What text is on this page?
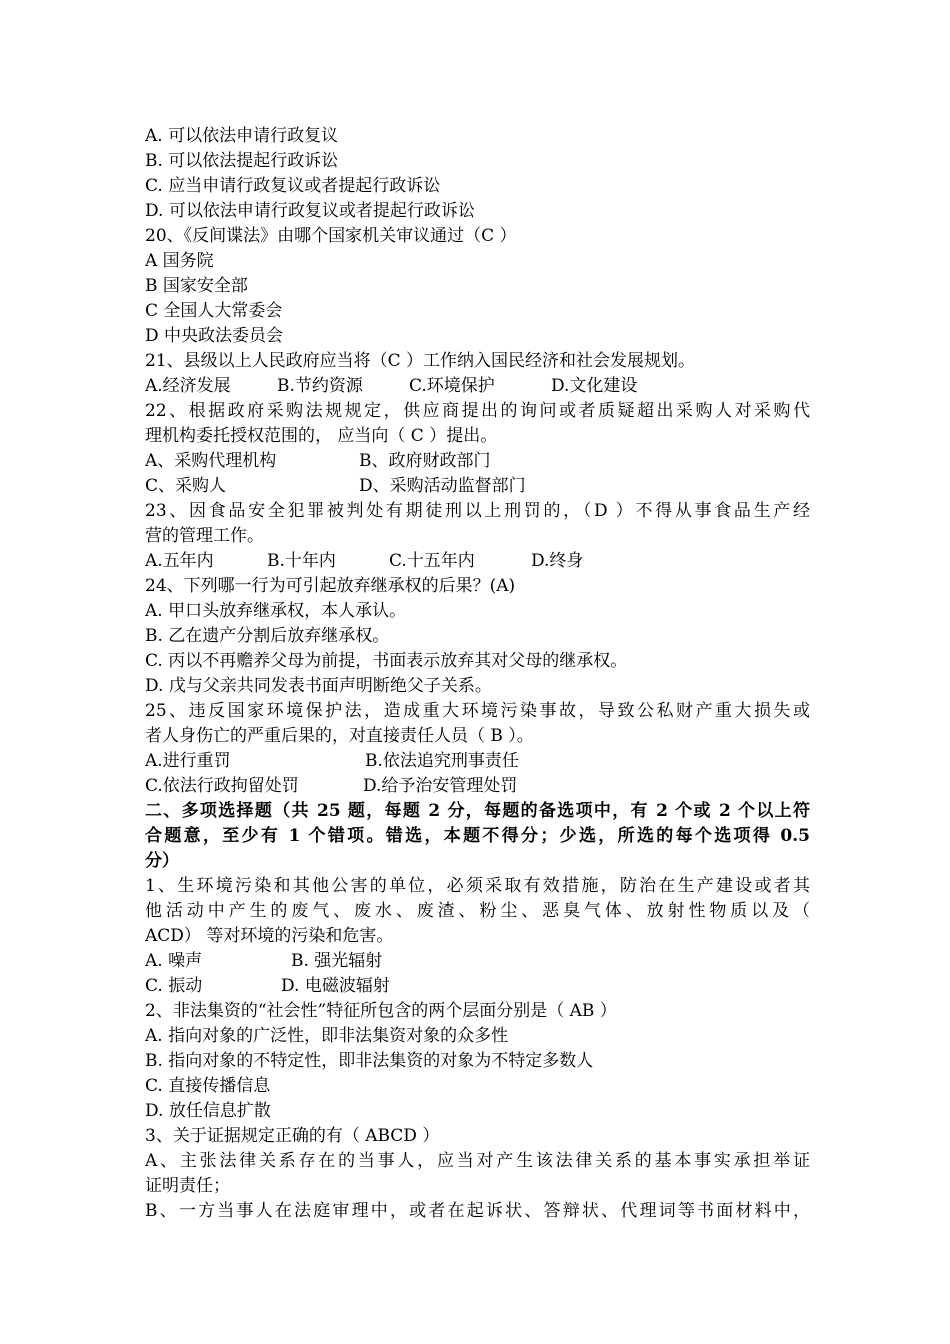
A. 可以依法申请行政复议
B. 可以依法提起行政诉讼
C. 应当申请行政复议或者提起行政诉讼
D. 可以依法申请行政复议或者提起行政诉讼
20、《反间谍法》由哪个国家机关审议通过（C ）
A 国务院
B 国家安全部
C 全国人大常委会
D 中央政法委员会
21、县级以上人民政府应当将（C ）工作纳入国民经济和社会发展规划。
A.经济发展	B.节约资源	C.环境保护	D.文化建设
22、根据政府采购法规规定，供应商提出的询问或者质疑超出采购人对采购代
理机构委托授权范围的， 应当向（ C ）提出。
A、采购代理机构	B、政府财政部门
C、采购人	D、采购活动监督部门
23、因食品安全犯罪被判处有期徒刑以上刑罚的，（D ）不得从事食品生产经
营的管理工作。
A.五年内	B.十年内	C.十五年内	D.终身
24、下列哪一行为可引起放弃继承权的后果？(A)
A. 甲口头放弃继承权，本人承认。
B. 乙在遗产分割后放弃继承权。
C. 丙以不再赡养父母为前提，书面表示放弃其对父母的继承权。
D. 戊与父亲共同发表书面声明断绝父子关系。
25、违反国家环境保护法，造成重大环境污染事故，导致公私财产重大损失或
者人身伤亡的严重后果的，对直接责任人员（ B ）。
A.进行重罚	B.依法追究刑事责任
C.依法行政拘留处罚	D.给予治安管理处罚
二、多项选择题（共 25 题，每题 2 分，每题的备选项中，有 2 个或 2 个以上符
合题意，至少有 1 个错项。错选，本题不得分；少选，所选的每个选项得 0.5
分）
1、生环境污染和其他公害的单位，必须采取有效措施，防治在生产建设或者其
他活动中产生的废气、废水、废渣、粉尘、恶臭气体、放射性物质以及（
ACD） 等对环境的污染和危害。
A. 噪声	B. 强光辐射
C. 振动	D. 电磁波辐射
2、非法集资的“社会性”特征所包含的两个层面分别是（ AB ）
A. 指向对象的广泛性，即非法集资对象的众多性
B. 指向对象的不特定性，即非法集资的对象为不特定多数人
C. 直接传播信息
D. 放任信息扩散
3、关于证据规定正确的有（ ABCD ）
A、主张法律关系存在的当事人，应当对产生该法律关系的基本事实承担举证
证明责任；
B、一方当事人在法庭审理中，或者在起诉状、答辩状、代理词等书面材料中，
